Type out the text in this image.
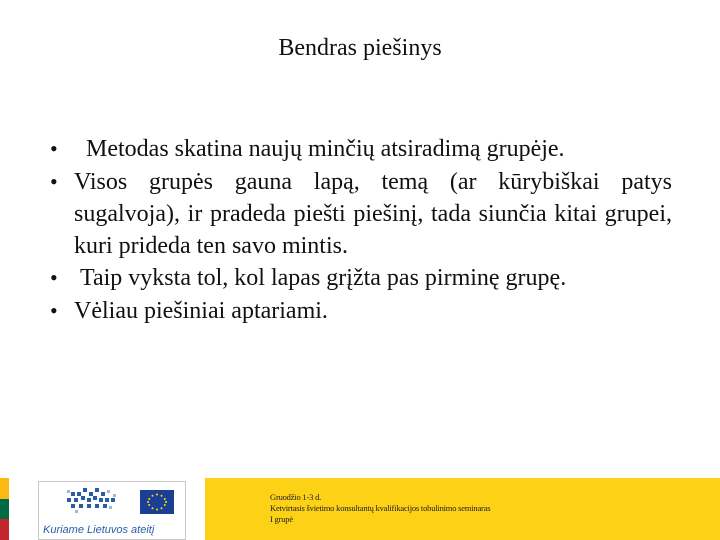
Bendras piešinys
• Metodas skatina naujų minčių atsiradimą grupėje.
• Visos grupės gauna lapą, temą (ar kūrybiškai patys sugalvoja), ir pradeda piešti piešinį, tada siunčia kitai grupei, kuri prideda ten savo mintis.
• Taip vyksta tol, kol lapas grįžta pas pirminę grupę.
• Vėliau piešiniai aptariami.
Kuriame Lietuvos ateitį
Gruodžio 1-3 d.
Ketvirtasis švietimo konsultantų kvalifikacijos tobulinimo seminaras
I grupė
